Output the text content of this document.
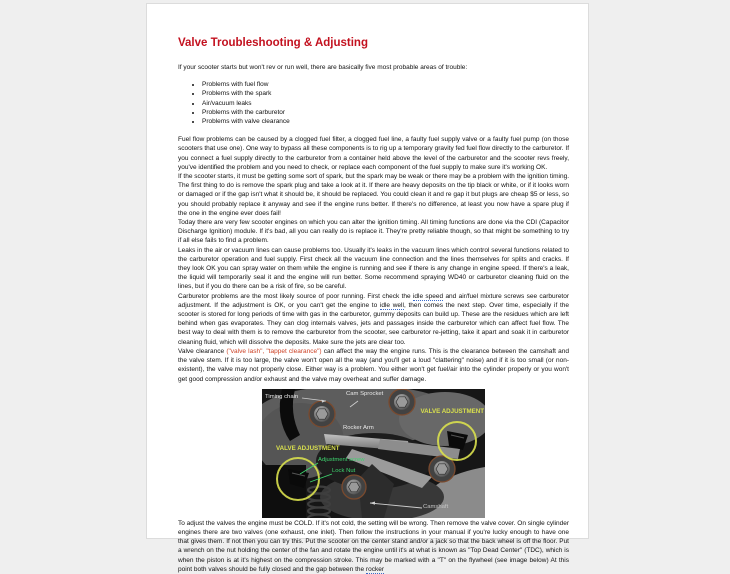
Valve Troubleshooting & Adjusting

If your scooter starts but won't rev or run well, there are basically five most probable areas of trouble:

• Problems with fuel flow
• Problems with the spark
• Air/vacuum leaks
• Problems with the carburetor
• Problems with valve clearance
Fuel flow problems can be caused by a clogged fuel filter, a clogged fuel line, a faulty fuel supply valve or a faulty fuel pump (on those scooters that use one). One way to bypass all these components is to rig up a temporary gravity fed fuel flow directly to the carburetor. If you connect a fuel supply directly to the carburetor from a container held above the level of the carburetor and the scooter revs freely, you've identified the problem and you need to check, or replace each component of the fuel supply to make sure it's working OK.
If the scooter starts, it must be getting some sort of spark, but the spark may be weak or there may be a problem with the ignition timing. The first thing to do is remove the spark plug and take a look at it. If there are heavy deposits on the tip black or white, or if it looks worn or damaged or if the gap isn't what it should be, it should be replaced. You could clean it and re gap it but plugs are cheap $5 or less, so you should probably replace it anyway and see if the engine runs better. If there's no difference, at least you now have a spare plug if the one in the engine ever does fail!
Today there are very few scooter engines on which you can alter the ignition timing. All timing functions are done via the CDI (Capacitor Discharge Ignition) module. If it's bad, all you can really do is replace it. They're pretty reliable though, so that might be something to try if all else fails to find a problem.
Leaks in the air or vacuum lines can cause problems too. Usually it's leaks in the vacuum lines which control several functions related to the carburetor operation and fuel supply. First check all the vacuum line connection and the lines themselves for splits and cracks. If they look OK you can spray water on them while the engine is running and see if there is any change in engine speed. If there's a leak, the liquid will temporarily seal it and the engine will run better. Some recommend spraying WD40 or carburetor cleaning fluid on the lines, but if you do there can be a risk of fire, so be careful.
Carburetor problems are the most likely source of poor running. First check the idle speed and air/fuel mixture screws see carburetor adjustment. If the adjustment is OK, or you can't get the engine to idle well, then comes the next step. Over time, especially if the scooter is stored for long periods of time with gas in the carburetor, gummy deposits can build up. These are the residues which are left behind when gas evaporates. They can clog internals valves, jets and passages inside the carburetor which can affect fuel flow. The best way to deal with them is to remove the carburetor from the scooter, see carburetor re-jetting, take it apart and soak it in carburetor cleaning fluid, which will dissolve the deposits. Make sure the jets are clear too.
Valve clearance ("valve lash", "tappet clearance") can affect the way the engine runs. This is the clearance between the camshaft and the valve stem. If it is too large, the valve won't open all the way (and you'll get a loud "clattering" noise) and if it is too small (or non-existent), the valve may not properly close. Either way is a problem. You either won't get fuel/air into the cylinder properly or you won't get good compression and/or exhaust and the valve may overheat and suffer damage.
Timing chain	Cam Sprocket
Rocker Arm
VALVE ADJUSTMENT
VALVE ADJUSTMENT
Adjustment screw
Lock Nut
Camshaft
To adjust the valves the engine must be COLD. If it's not cold, the setting will be wrong. Then remove the valve cover. On single cylinder engines there are two valves (one exhaust, one inlet). Then follow the instructions in your manual if you're lucky enough to have one that gives them. If not then you can try this. Put the scooter on the center stand and/or a jack so that the back wheel is off the floor. Put a wrench on the nut holding the center of the fan and rotate the engine until it's at what is known as "Top Dead Center" (TDC), which is when the piston is at it's highest on the compression stroke. This may be marked with a "T" on the flywheel (see image below) At this point both valves should be fully closed and the gap between the rocker
